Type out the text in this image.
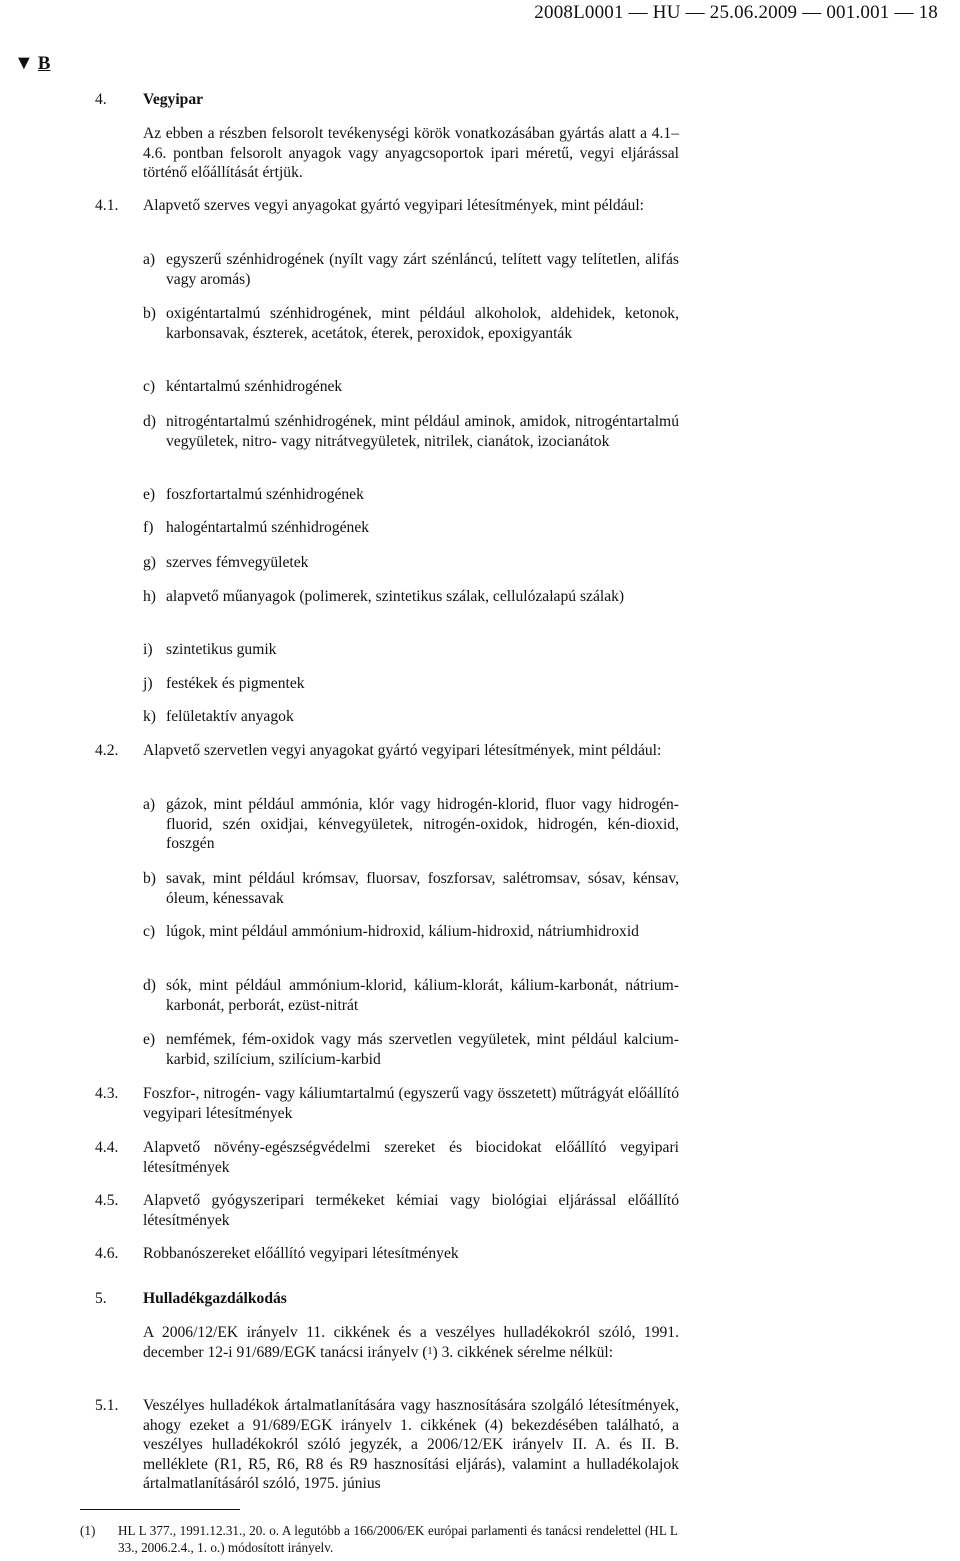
2008L0001 — HU — 25.06.2009 — 001.001 — 18
▼ B
4. Vegyipar
Az ebben a részben felsorolt tevékenységi körök vonatkozásában gyártás alatt a 4.1–4.6. pontban felsorolt anyagok vagy anyagcsoportok ipari méretű, vegyi eljárással történő előállítását értjük.
4.1. Alapvető szerves vegyi anyagokat gyártó vegyipari létesítmények, mint például:
a) egyszerű szénhidrogének (nyílt vagy zárt szénláncú, telített vagy telítetlen, alifás vagy aromás)
b) oxigéntartalmú szénhidrogének, mint például alkoholok, aldehidek, ketonok, karbonsavak, észterek, acetátok, éterek, peroxidok, epoxigyanták
c) kéntartalmú szénhidrogének
d) nitrogéntartalmú szénhidrogének, mint például aminok, amidok, nitrogéntartalmú vegyületek, nitro- vagy nitrátvegyületek, nitrilek, cianátok, izocianátok
e) foszfortartalmú szénhidrogének
f) halogéntartalmú szénhidrogének
g) szerves fémvegyületek
h) alapvető műanyagok (polimerek, szintetikus szálak, cellulózalapú szálak)
i) szintetikus gumik
j) festékek és pigmentek
k) felületaktív anyagok
4.2. Alapvető szervetlen vegyi anyagokat gyártó vegyipari létesítmények, mint például:
a) gázok, mint például ammónia, klór vagy hidrogén-klorid, fluor vagy hidrogén-fluorid, szén oxidjai, kénvegyületek, nitrogén-oxidok, hidrogén, kén-dioxid, foszgén
b) savak, mint például krómsav, fluorsav, foszforsav, salétromsav, sósav, kénsav, óleum, kénessavak
c) lúgok, mint például ammónium-hidroxid, kálium-hidroxid, nátriumhidroxid
d) sók, mint például ammónium-klorid, kálium-klorát, kálium-karbonát, nátrium-karbonát, perborát, ezüst-nitrát
e) nemfémek, fém-oxidok vagy más szervetlen vegyületek, mint például kalcium-karbid, szilícium, szilícium-karbid
4.3. Foszfor-, nitrogén- vagy káliumtartalmú (egyszerű vagy összetett) műtrágyát előállító vegyipari létesítmények
4.4. Alapvető növény-egészségvédelmi szereket és biocidokat előállító vegyipari létesítmények
4.5. Alapvető gyógyszeripari termékeket kémiai vagy biológiai eljárással előállító létesítmények
4.6. Robbanószereket előállító vegyipari létesítmények
5. Hulladékgazdálkodás
A 2006/12/EK irányelv 11. cikkének és a veszélyes hulladékokról szóló, 1991. december 12-i 91/689/EGK tanácsi irányelv ($^1$) 3. cikkének sérelme nélkül:
5.1. Veszélyes hulladékok ártalmatlanítására vagy hasznosítására szolgáló létesítmények, ahogy ezeket a 91/689/EGK irányelv 1. cikkének (4) bekezdésében található, a veszélyes hulladékokról szóló jegyzék, a 2006/12/EK irányelv II. A. és II. B. melléklete (R1, R5, R6, R8 és R9 hasznosítási eljárás), valamint a hulladékolajok ártalmatlanításáról szóló, 1975. június
(1) HL L 377., 1991.12.31., 20. o. A legutóbb a 166/2006/EK európai parlamenti és tanácsi rendelettel (HL L 33., 2006.2.4., 1. o.) módosított irányelv.
